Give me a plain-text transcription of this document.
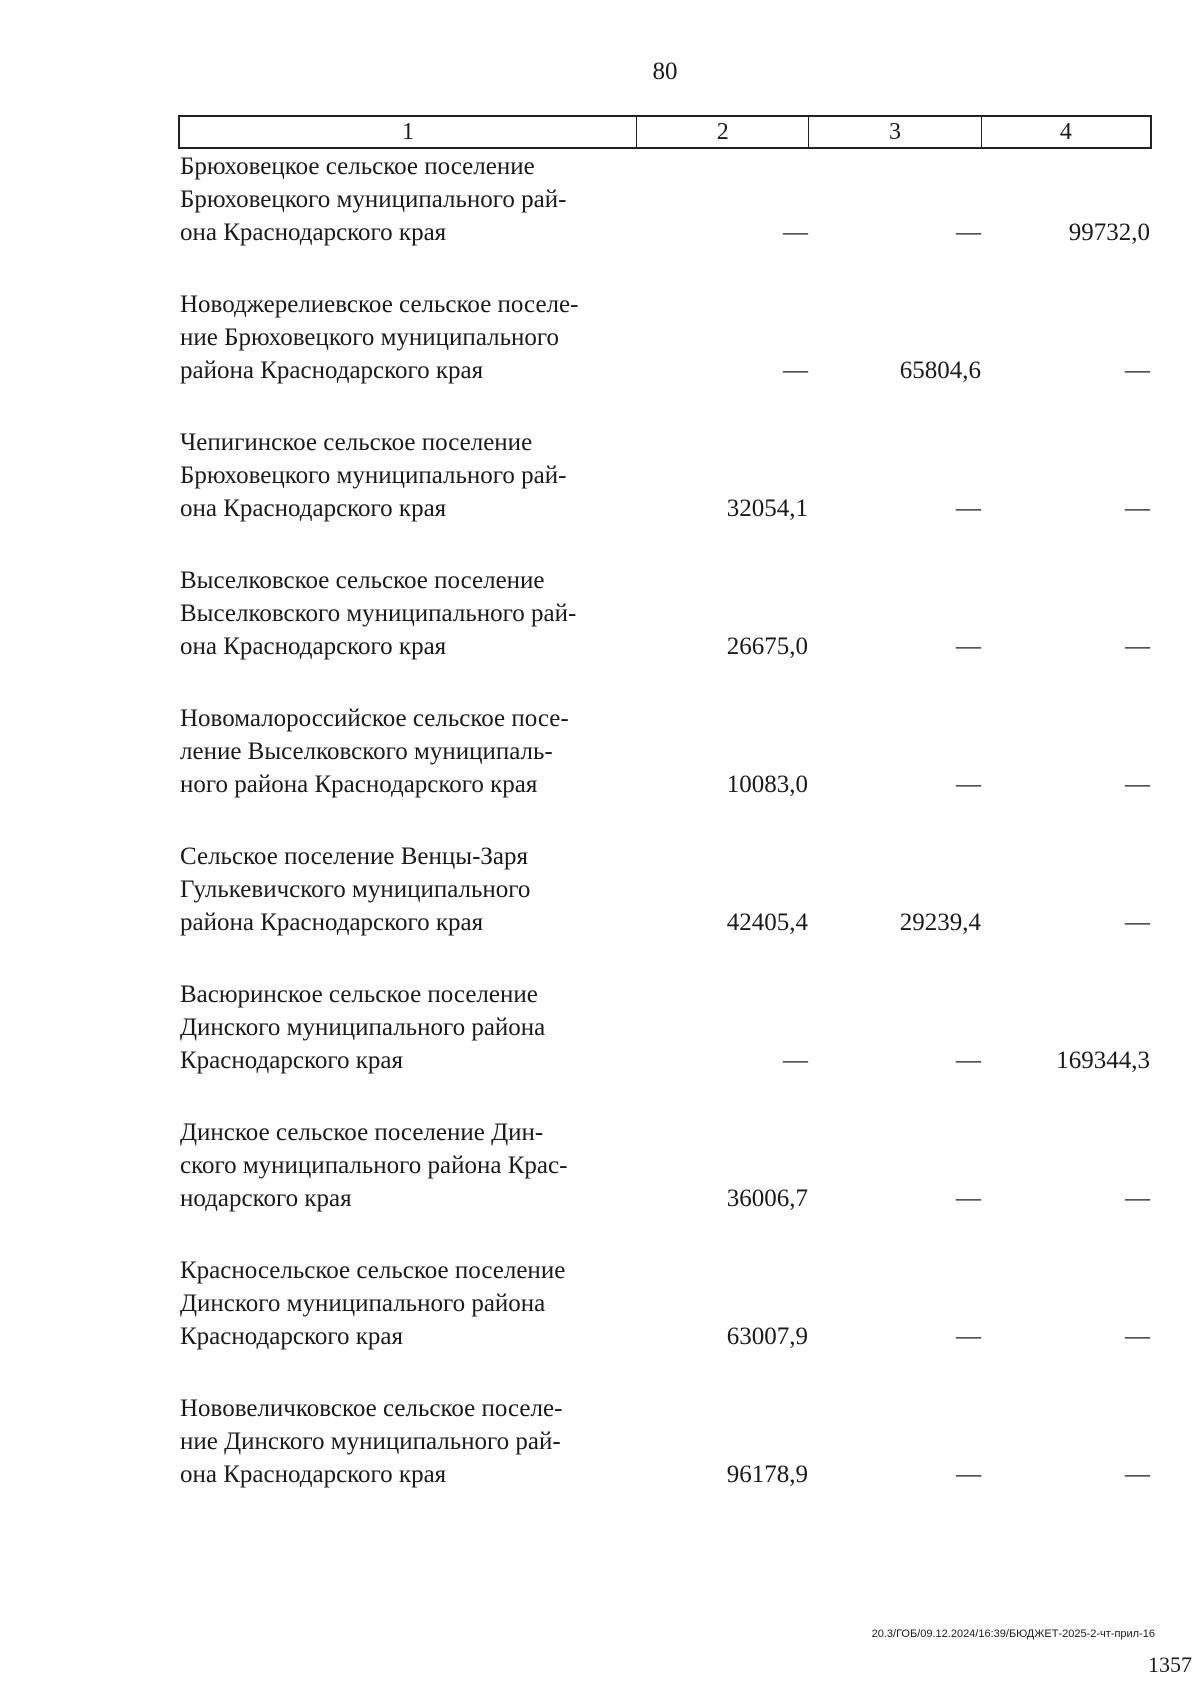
80
1	2	3	4
Брюховецкое сельское поселение
Брюховецкого муниципального рай-
она Краснодарского края	—	—	99732,0
Новоджерелиевское сельское поселе-
ние Брюховецкого муниципального
района Краснодарского края	—	65804,6	—
Чепигинское сельское поселение
Брюховецкого муниципального рай-
она Краснодарского края	32054,1	—	—
Выселковское сельское поселение
Выселковского муниципального рай-
она Краснодарского края	26675,0	—	—
Новомалороссийское сельское посе-
ление Выселковского муниципаль-
ного района Краснодарского края	10083,0	—	—
Сельское поселение Венцы-Заря
Гулькевичского муниципального
района Краснодарского края	42405,4	29239,4	—
Васюринское сельское поселение
Динского муниципального района
Краснодарского края	—	—	169344,3
Динское сельское поселение Дин-
ского муниципального района Крас-
нодарского края	36006,7	—	—
Красносельское сельское поселение
Динского муниципального района
Краснодарского края	63007,9	—	—
Нововеличковское сельское поселе-
ние Динского муниципального рай-
она Краснодарского края	96178,9	—	—
20.3/ГОБ/09.12.2024/16:39/БЮДЖЕТ-2025-2-чт-прил-16
1357
